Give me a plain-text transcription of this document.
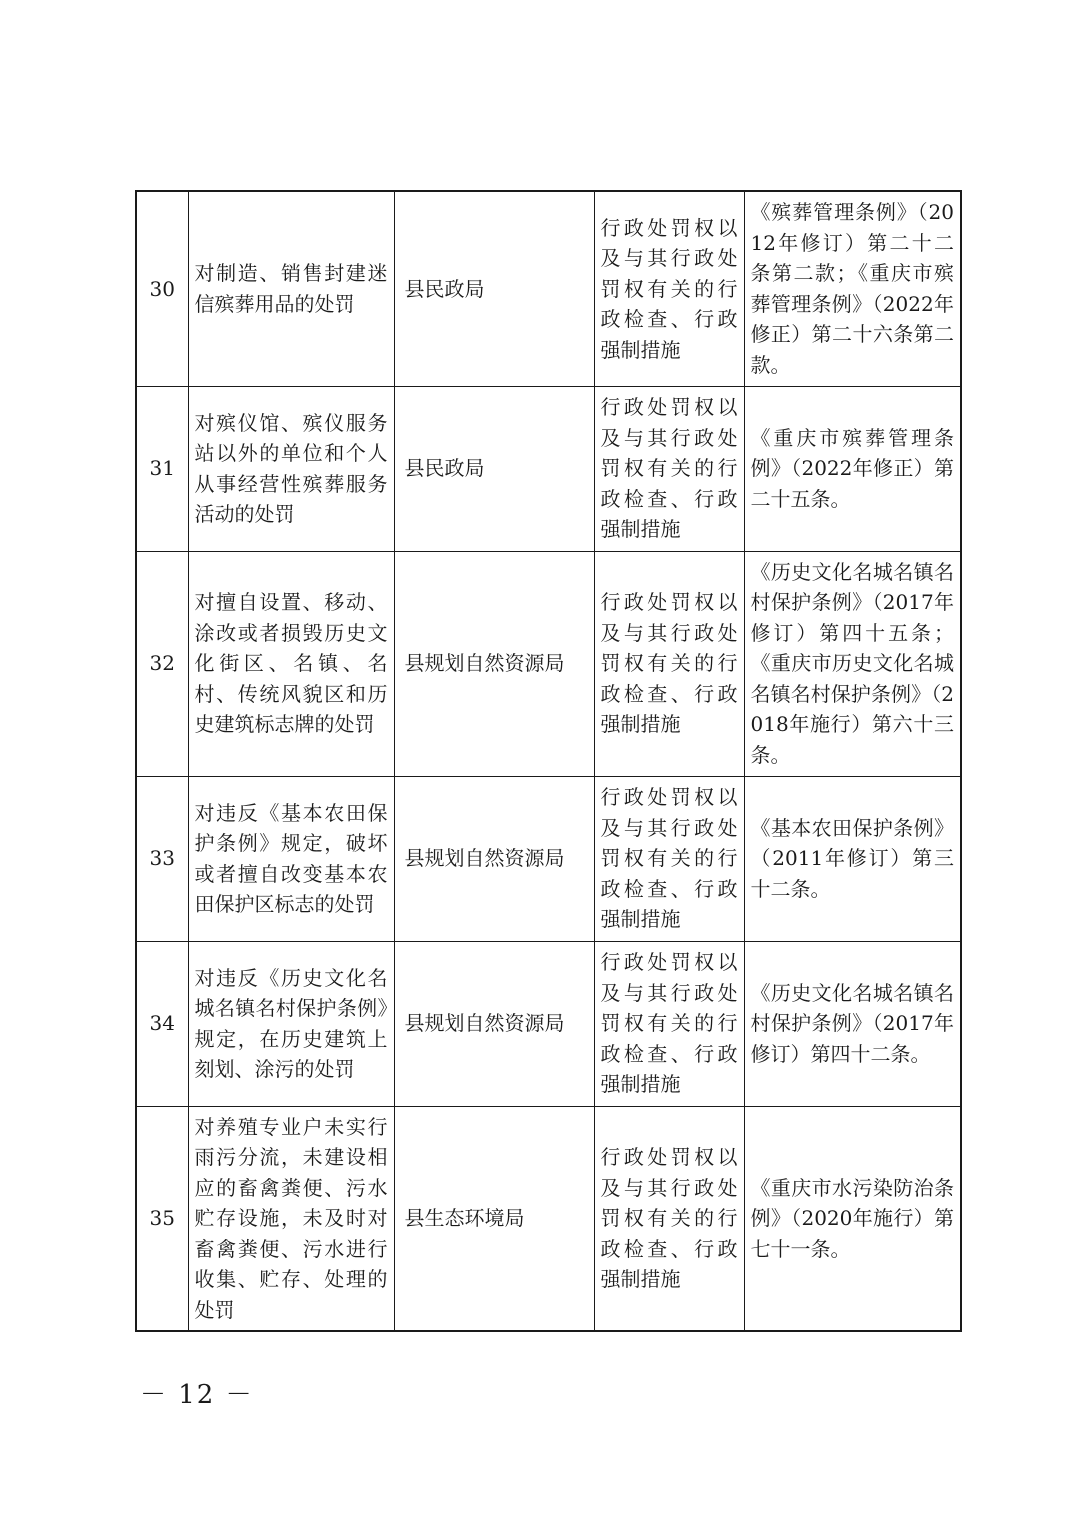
30	对制造、销售封建迷信殡葬用品的处罚	县民政局	行政处罚权以及与其行政处罚权有关的行政检查、行政强制措施	《殡葬管理条例》（2012年修订）第二十二条第二款；《重庆市殡葬管理条例》（2022年修正）第二十六条第二款。

31	对殡仪馆、殡仪服务站以外的单位和个人从事经营性殡葬服务活动的处罚	县民政局	行政处罚权以及与其行政处罚权有关的行政检查、行政强制措施	《重庆市殡葬管理条例》（2022年修正）第二十五条。

32	对擅自设置、移动、涂改或者损毁历史文化街区、名镇、名村、传统风貌区和历史建筑标志牌的处罚	县规划自然资源局	行政处罚权以及与其行政处罚权有关的行政检查、行政强制措施	《历史文化名城名镇名村保护条例》（2017年修订）第四十五条；《重庆市历史文化名城名镇名村保护条例》（2018年施行）第六十三条。

33	对违反《基本农田保护条例》规定，破坏或者擅自改变基本农田保护区标志的处罚	县规划自然资源局	行政处罚权以及与其行政处罚权有关的行政检查、行政强制措施	《基本农田保护条例》（2011年修订）第三十二条。

34	对违反《历史文化名城名镇名村保护条例》规定，在历史建筑上刻划、涂污的处罚	县规划自然资源局	行政处罚权以及与其行政处罚权有关的行政检查、行政强制措施	《历史文化名城名镇名村保护条例》（2017年修订）第四十二条。

35	对养殖专业户未实行雨污分流，未建设相应的畜禽粪便、污水贮存设施，未及时对畜禽粪便、污水进行收集、贮存、处理的处罚	县生态环境局	行政处罚权以及与其行政处罚权有关的行政检查、行政强制措施	《重庆市水污染防治条例》（2020年施行）第七十一条。
－ 12 －
